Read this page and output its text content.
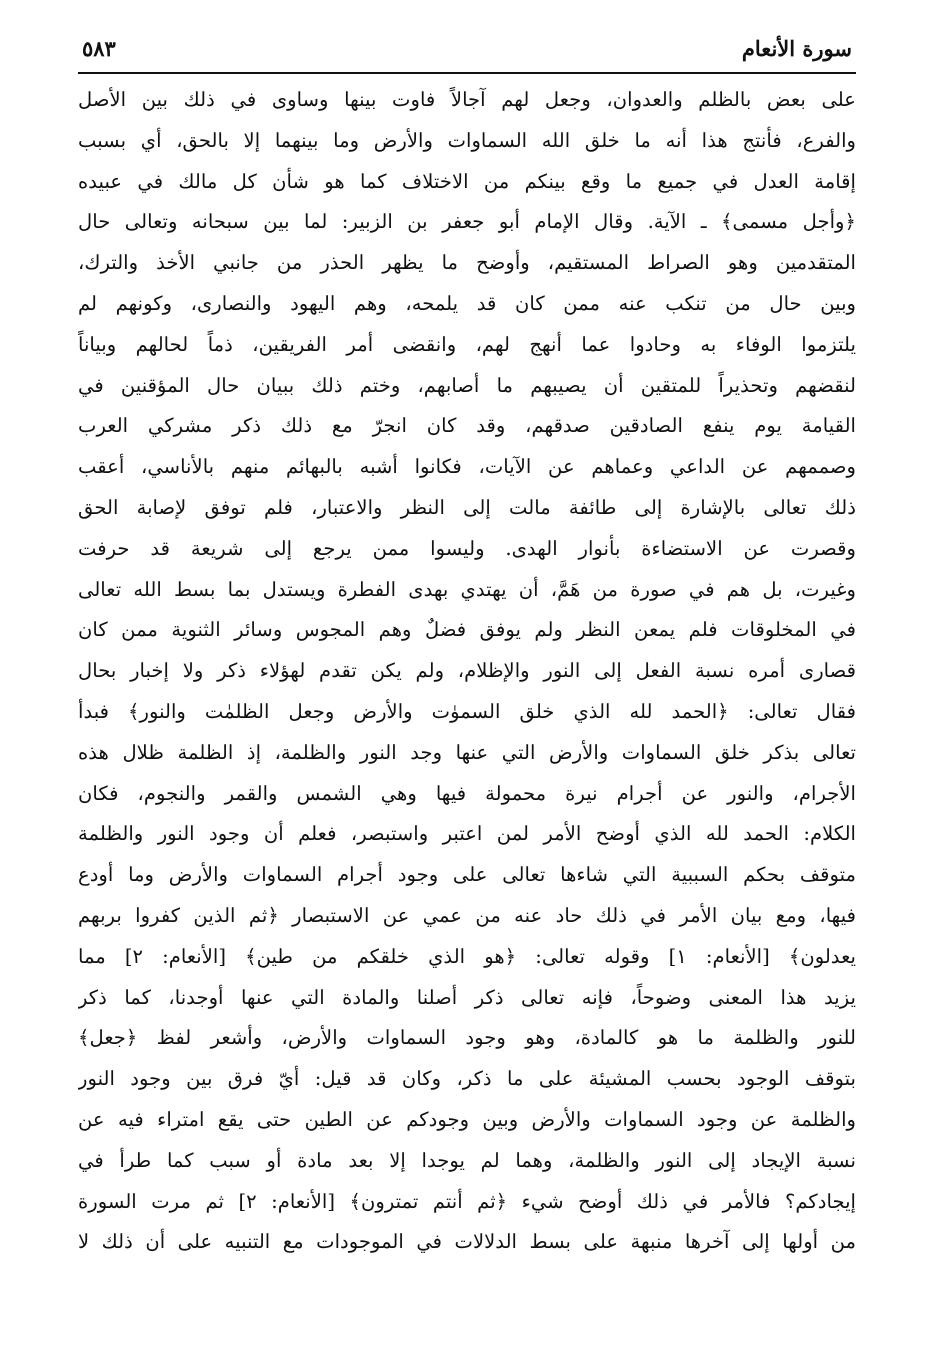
سورة الأنعام
٥٨٣
على بعض بالظلم والعدوان، وجعل لهم آجالاً فاوت بينها وساوى في ذلك بين الأصل
والفرع، فأنتج هذا أنه ما خلق الله السماوات والأرض وما بينهما إلا بالحق، أي بسبب
إقامة العدل في جميع ما وقع بينكم من الاختلاف كما هو شأن كل مالك في عبيده
﴿وأجل مسمى﴾ ـ الآية. وقال الإمام أبو جعفر بن الزبير: لما بين سبحانه وتعالى حال
المتقدمين وهو الصراط المستقيم، وأوضح ما يظهر الحذر من جانبي الأخذ والترك،
وبين حال من تنكب عنه ممن كان قد يلمحه، وهم اليهود والنصارى، وكونهم لم
يلتزموا الوفاء به وحادوا عما أنهج لهم، وانقضى أمر الفريقين، ذماً لحالهم وبياناً
لنقضهم وتحذيراً للمتقين أن يصيبهم ما أصابهم، وختم ذلك ببيان حال المؤقنين في
القيامة يوم ينفع الصادقين صدقهم، وقد كان انجرّ مع ذلك ذكر مشركي العرب
وصممهم عن الداعي وعماهم عن الآيات، فكانوا أشبه بالبهائم منهم بالأناسي، أعقب
ذلك تعالى بالإشارة إلى طائفة مالت إلى النظر والاعتبار، فلم توفق لإصابة الحق
وقصرت عن الاستضاءة بأنوار الهدى. وليسوا ممن يرجع إلى شريعة قد حرفت
وغيرت، بل هم في صورة من هَمَّ، أن يهتدي بهدى الفطرة ويستدل بما بسط الله تعالى
في المخلوقات فلم يمعن النظر ولم يوفق فضلٌ وهم المجوس وسائر الثنوية ممن كان
قصارى أمره نسبة الفعل إلى النور والإظلام، ولم يكن تقدم لهؤلاء ذكر ولا إخبار بحال
فقال تعالى: ﴿الحمد لله الذي خلق السموٰت والأرض وجعل الظلمٰت والنور﴾ فبدأ
تعالى بذكر خلق السماوات والأرض التي عنها وجد النور والظلمة، إذ الظلمة ظلال هذه
الأجرام، والنور عن أجرام نيرة محمولة فيها وهي الشمس والقمر والنجوم، فكان
الكلام: الحمد لله الذي أوضح الأمر لمن اعتبر واستبصر، فعلم أن وجود النور والظلمة
متوقف بحكم السببية التي شاءها تعالى على وجود أجرام السماوات والأرض وما أودع
فيها، ومع بيان الأمر في ذلك حاد عنه من عمي عن الاستبصار ﴿ثم الذين كفروا بربهم
يعدلون﴾ [الأنعام: ١] وقوله تعالى: ﴿هو الذي خلقكم من طين﴾ [الأنعام: ٢] مما
يزيد هذا المعنى وضوحاً، فإنه تعالى ذكر أصلنا والمادة التي عنها أوجدنا، كما ذكر
للنور والظلمة ما هو كالمادة، وهو وجود السماوات والأرض، وأشعر لفظ ﴿جعل﴾
بتوقف الوجود بحسب المشيئة على ما ذكر، وكان قد قيل: أيّ فرق بين وجود النور
والظلمة عن وجود السماوات والأرض وبين وجودكم عن الطين حتى يقع امتراء فيه عن
نسبة الإيجاد إلى النور والظلمة، وهما لم يوجدا إلا بعد مادة أو سبب كما طرأ في
إيجادكم؟ فالأمر في ذلك أوضح شيء ﴿ثم أنتم تمترون﴾ [الأنعام: ٢] ثم مرت السورة
من أولها إلى آخرها منبهة على بسط الدلالات في الموجودات مع التنبيه على أن ذلك لا
